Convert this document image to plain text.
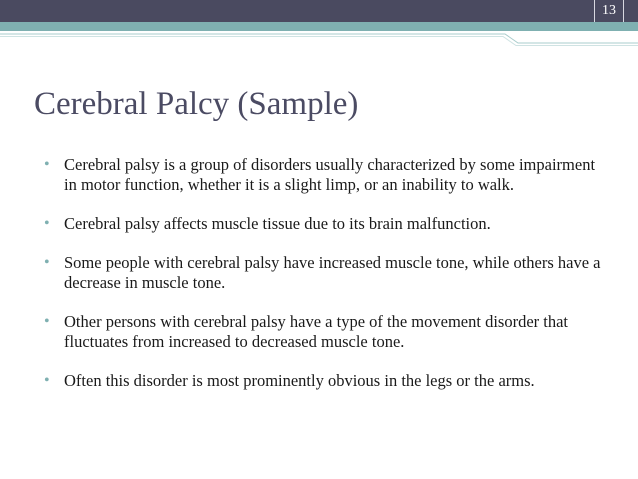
13
Cerebral Palcy (Sample)
• Cerebral palsy is a group of disorders usually characterized by some impairment in motor function, whether it is a slight limp, or an inability to walk.
• Cerebral palsy affects muscle tissue due to its brain malfunction.
• Some people with cerebral palsy have increased muscle tone, while others have a decrease in muscle tone.
• Other persons with cerebral palsy have a type of the movement disorder that fluctuates from increased to decreased muscle tone.
• Often this disorder is most prominently obvious in the legs or the arms.
